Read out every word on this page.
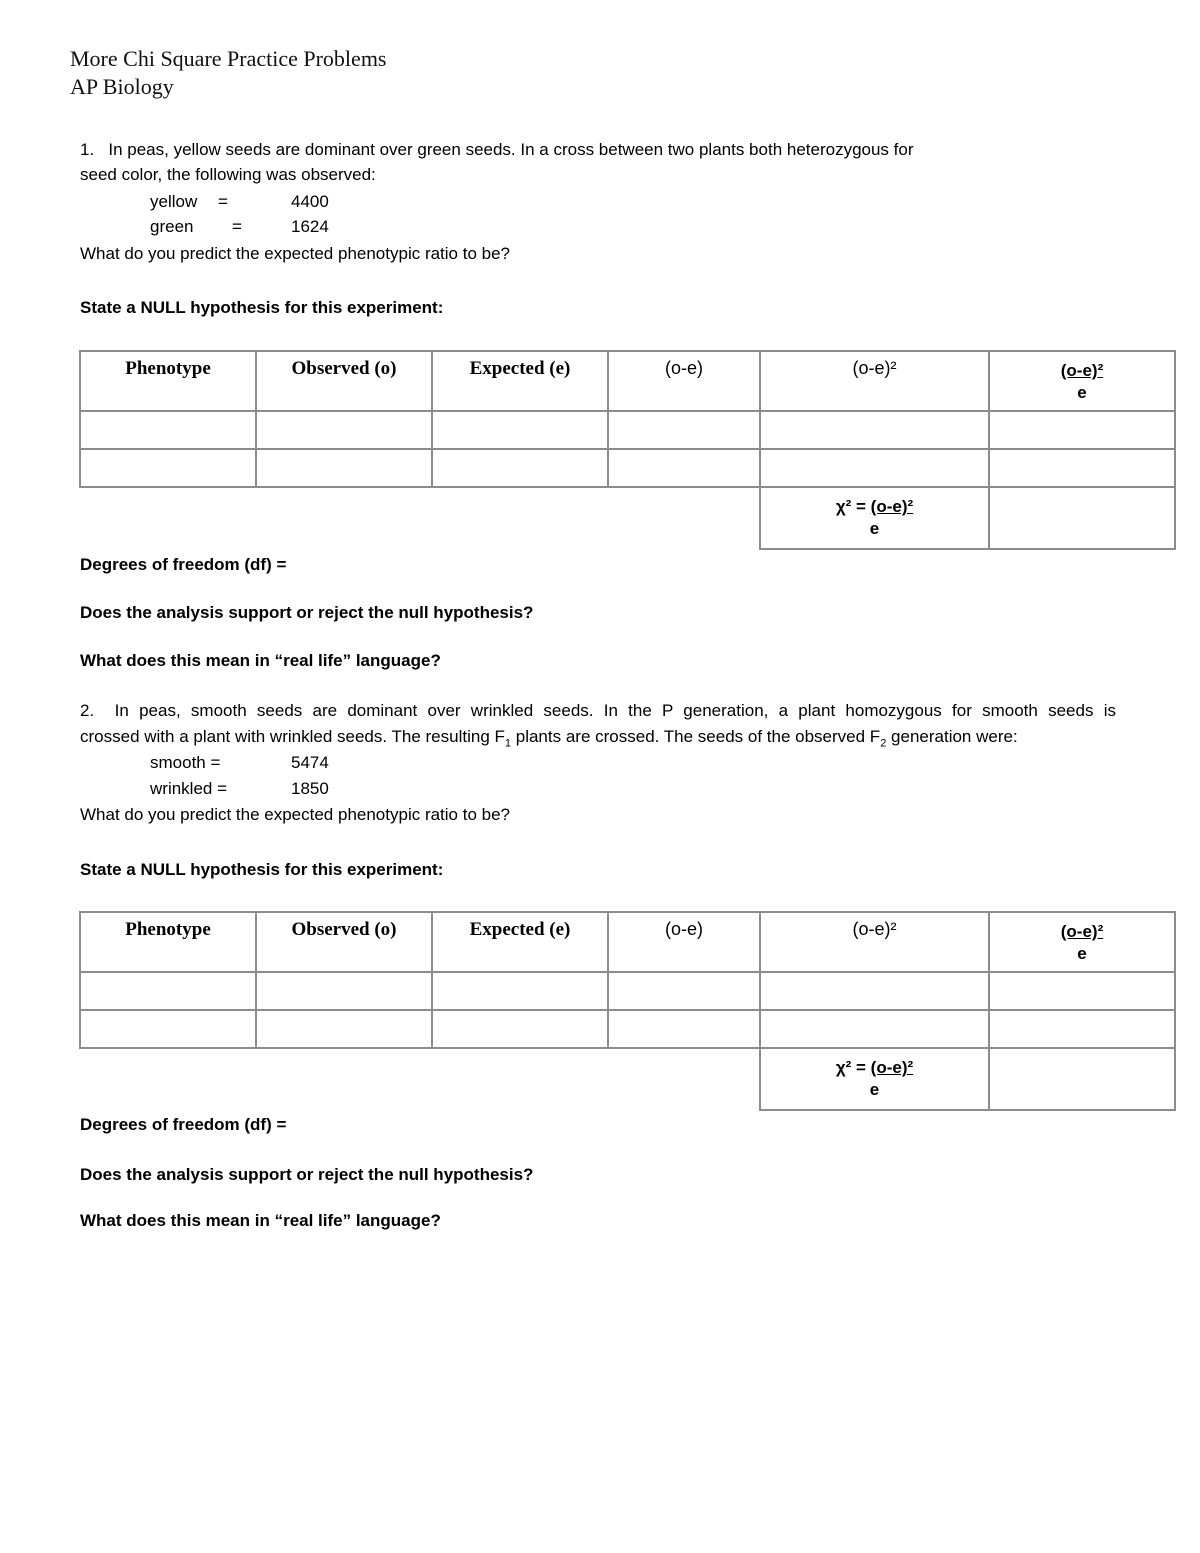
More Chi Square Practice Problems
AP Biology
1. In peas, yellow seeds are dominant over green seeds. In a cross between two plants both heterozygous for
seed color, the following was observed:
yellow =	4400
green =	1624
What do you predict the expected phenotypic ratio to be?
State a NULL hypothesis for this experiment:
Phenotype	Observed (o)	Expected (e)	(o-e)	(o-e)²	(o-e)²
e

				χ² = (o-e)²
e	

Degrees of freedom (df) =
Does the analysis support or reject the null hypothesis?
What does this mean in “real life” language?
2. In peas, smooth seeds are dominant over wrinkled seeds. In the P generation, a plant homozygous for smooth seeds is
crossed with a plant with wrinkled seeds. The resulting $F_1$ plants are crossed. The seeds of the observed $F_2$ generation were:
smooth =	5474
wrinkled =	1850
What do you predict the expected phenotypic ratio to be?
State a NULL hypothesis for this experiment:
Phenotype	Observed (o)	Expected (e)	(o-e)	(o-e)²	(o-e)²
e

				χ² = (o-e)²
e	

Degrees of freedom (df) =
Does the analysis support or reject the null hypothesis?
What does this mean in “real life” language?
